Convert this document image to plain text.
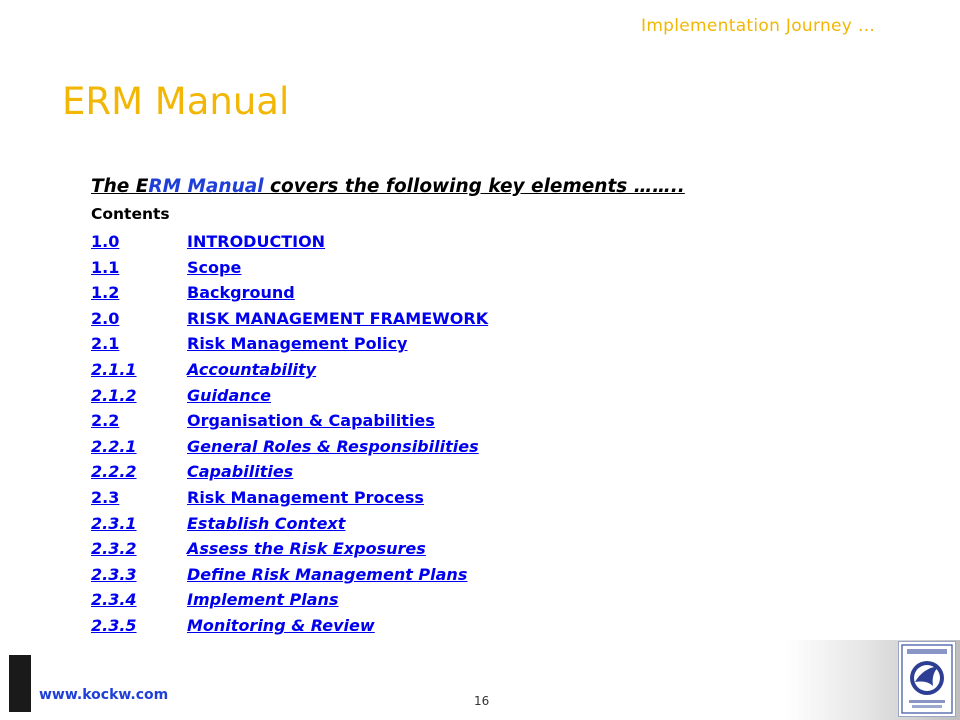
Implementation Journey …
ERM Manual
The ERM Manual covers the following key elements ……..
Contents
1.0	INTRODUCTION
1.1	Scope
1.2	Background
2.0	RISK MANAGEMENT FRAMEWORK
2.1	Risk Management Policy
2.1.1	Accountability
2.1.2	Guidance
2.2	Organisation & Capabilities
2.2.1	General Roles & Responsibilities
2.2.2	Capabilities
2.3	Risk Management Process
2.3.1	Establish Context
2.3.2	Assess the Risk Exposures
2.3.3	Define Risk Management Plans
2.3.4	Implement Plans
2.3.5	Monitoring & Review
www.kockw.com	16
